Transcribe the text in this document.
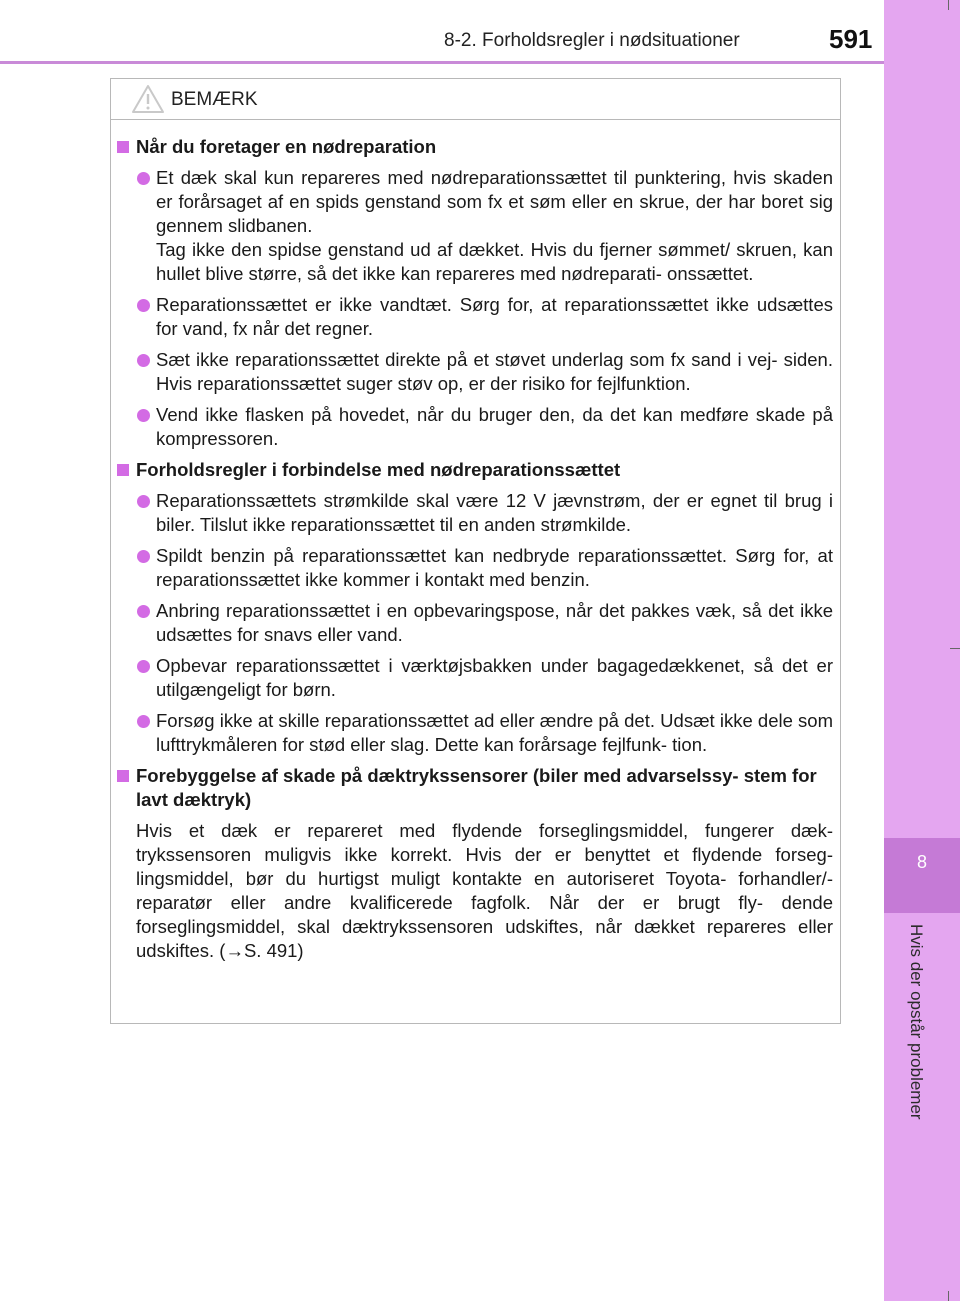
8-2. Forholdsregler i nødsituationer	591
8
Hvis der opstår problemer
BEMÆRK
Når du foretager en nødreparation
Et dæk skal kun repareres med nødreparationssættet til punktering, hvis skaden er forårsaget af en spids genstand som fx et søm eller en skrue, der har boret sig gennem slidbanen.
Tag ikke den spidse genstand ud af dækket. Hvis du fjerner sømmet/ skruen, kan hullet blive større, så det ikke kan repareres med nødreparati- onssættet.
Reparationssættet er ikke vandtæt. Sørg for, at reparationssættet ikke udsættes for vand, fx når det regner.
Sæt ikke reparationssættet direkte på et støvet underlag som fx sand i vej- siden. Hvis reparationssættet suger støv op, er der risiko for fejlfunktion.
Vend ikke flasken på hovedet, når du bruger den, da det kan medføre skade på kompressoren.
Forholdsregler i forbindelse med nødreparationssættet
Reparationssættets strømkilde skal være 12 V jævnstrøm, der er egnet til brug i biler. Tilslut ikke reparationssættet til en anden strømkilde.
Spildt benzin på reparationssættet kan nedbryde reparationssættet. Sørg for, at reparationssættet ikke kommer i kontakt med benzin.
Anbring reparationssættet i en opbevaringspose, når det pakkes væk, så det ikke udsættes for snavs eller vand.
Opbevar reparationssættet i værktøjsbakken under bagagedækkenet, så det er utilgængeligt for børn.
Forsøg ikke at skille reparationssættet ad eller ændre på det. Udsæt ikke dele som lufttrykmåleren for stød eller slag. Dette kan forårsage fejlfunk- tion.
Forebyggelse af skade på dæktrykssensorer (biler med advarselssy- stem for lavt dæktryk)
Hvis et dæk er repareret med flydende forseglingsmiddel, fungerer dæk- trykssensoren muligvis ikke korrekt. Hvis der er benyttet et flydende forseg- lingsmiddel, bør du hurtigst muligt kontakte en autoriseret Toyota- forhandler/-reparatør eller andre kvalificerede fagfolk. Når der er brugt fly- dende forseglingsmiddel, skal dæktrykssensoren udskiftes, når dækket repareres eller udskiftes. (→S. 491)
